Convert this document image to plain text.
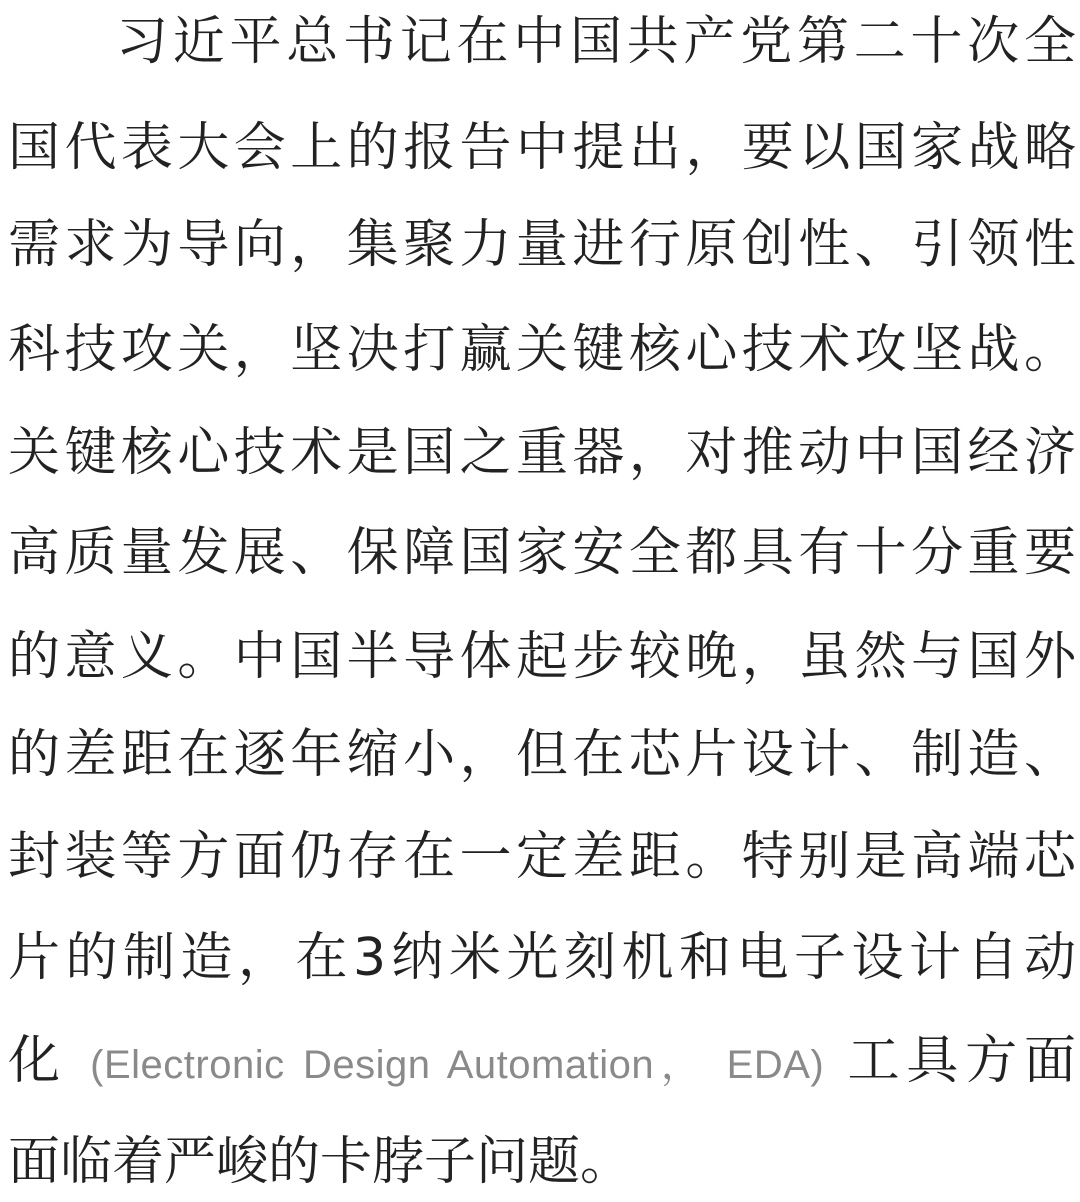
习近平总书记在中国共产党第二十次全
国代表大会上的报告中提出，要以国家战略
需求为导向，集聚力量进行原创性、引领性
科技攻关，坚决打赢关键核心技术攻坚战。
关键核心技术是国之重器，对推动中国经济
高质量发展、保障国家安全都具有十分重要
的意义。中国半导体起步较晚，虽然与国外
的差距在逐年缩小，但在芯片设计、制造、
封装等方面仍存在一定差距。特别是高端芯
片的制造，在3纳米光刻机和电子设计自动
化 (Electronic Design Automation， EDA) 工具方面
面临着严峻的卡脖子问题。
